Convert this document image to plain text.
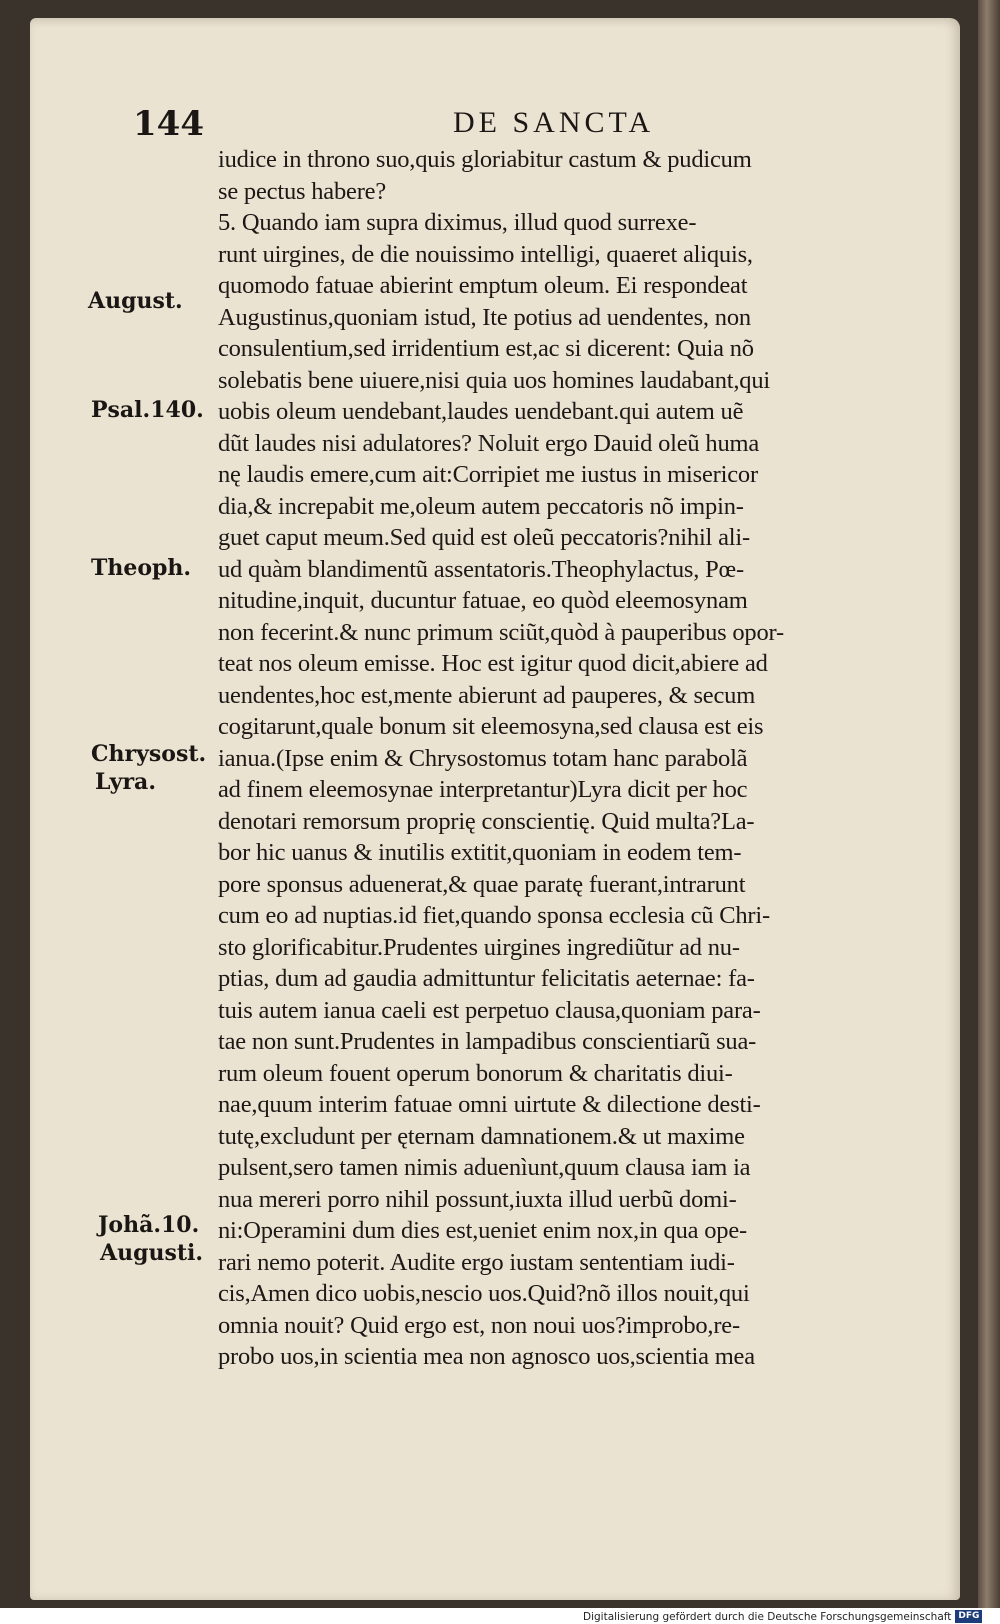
144	DE SANCTA
iudice in throno suo,quis gloriabitur castum & pudicum
se pectus habere?
5. Quando iam supra diximus, illud quod surrexe-
runt uirgines, de die nouissimo intelligi, quaeret aliquis,
quomodo fatuae abierint emptum oleum. Ei respondeat
Augustinus,quoniam istud, Ite potius ad uendentes, non
consulentium,sed irridentium est,ac si dicerent: Quia nõ
solebatis bene uiuere,nisi quia uos homines laudabant,qui
uobis oleum uendebant,laudes uendebant.qui autem uẽ
dũt laudes nisi adulatores? Noluit ergo Dauid oleũ huma
nę laudis emere,cum ait:Corripiet me iustus in misericor
dia,& increpabit me,oleum autem peccatoris nõ impin-
guet caput meum.Sed quid est oleũ peccatoris?nihil ali-
ud quàm blandimentũ assentatoris.Theophylactus, Pœ-
nitudine,inquit, ducuntur fatuae, eo quòd eleemosynam
non fecerint.& nunc primum sciũt,quòd à pauperibus opor-
teat nos oleum emisse. Hoc est igitur quod dicit,abiere ad
uendentes,hoc est,mente abierunt ad pauperes, & secum
cogitarunt,quale bonum sit eleemosyna,sed clausa est eis
ianua.(Ipse enim & Chrysostomus totam hanc parabolã
ad finem eleemosynae interpretantur)Lyra dicit per hoc
denotari remorsum proprię conscientię. Quid multa?La-
bor hic uanus & inutilis extitit,quoniam in eodem tem-
pore sponsus aduenerat,& quae paratę fuerant,intrarunt
cum eo ad nuptias.id fiet,quando sponsa ecclesia cũ Chri-
sto glorificabitur.Prudentes uirgines ingrediũtur ad nu-
ptias, dum ad gaudia admittuntur felicitatis aeternae: fa-
tuis autem ianua caeli est perpetuo clausa,quoniam para-
tae non sunt.Prudentes in lampadibus conscientiarũ sua-
rum oleum fouent operum bonorum & charitatis diui-
nae,quum interim fatuae omni uirtute & dilectione desti-
tutę,excludunt per ęternam damnationem.& ut maxime
pulsent,sero tamen nimis aduenìunt,quum clausa iam ia
nua mereri porro nihil possunt,iuxta illud uerbũ domi-
ni:Operamini dum dies est,ueniet enim nox,in qua ope-
rari nemo poterit. Audite ergo iustam sententiam iudi-
cis,Amen dico uobis,nescio uos.Quid?nõ illos nouit,qui
omnia nouit? Quid ergo est, non noui uos?improbo,re-
probo uos,in scientia mea non agnosco uos,scientia mea
August.
Psal.140.
Theoph.
Chrysost.
Lyra.
Johã.10.
Augusti.
Digitalisierung gefördert durch die Deutsche Forschungsgemeinschaft DFG
